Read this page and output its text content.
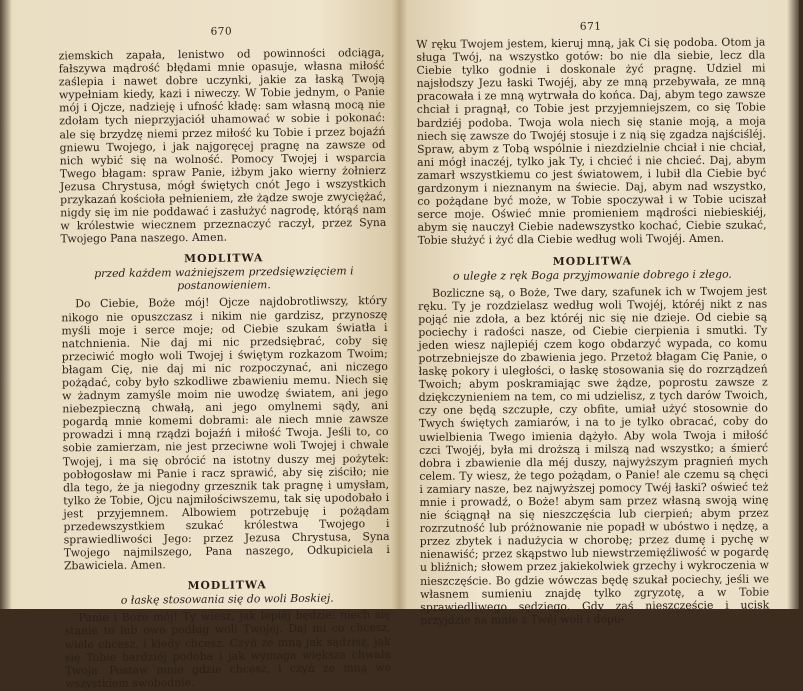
670

ziemskich zapała, lenistwo od powinności odciąga, fałszywa mądrość błędami mnie opasuje, własna miłość zaślepia i nawet dobre uczynki, jakie za łaską Twoją wypełniam kiedy, kazi i niweczy. W Tobie jednym, o Panie mój i Ojcze, nadzieję i ufność kładę: sam własną mocą nie zdołam tych nieprzyjaciół uhamować w sobie i pokonać: ale się brzydzę niemi przez miłość ku Tobie i przez bojaźń gniewu Twojego, i jak najgoręcej pragnę na zawsze od nich wybić się na wolność. Pomocy Twojej i wsparcia Twego błagam: spraw Panie, iżbym jako wierny żołnierz Jezusa Chrystusa, mógł świętych cnót Jego i wszystkich przykazań kościoła pełnieniem, złe żądze swoje zwyciężać, nigdy się im nie poddawać i zasłużyć nagrodę, którąś nam w królestwie wiecznem przeznaczyć raczył, przez Syna Twojego Pana naszego. Amen.

MODLITWA
przed każdem ważniejszem przedsięwzięciem i postanowieniem.

Do Ciebie, Boże mój! Ojcze najdobrotliwszy, który nikogo nie opuszczasz i nikim nie gardzisz, przynoszę myśli moje i serce moje; od Ciebie szukam światła i natchnienia. Nie daj mi nic przedsiębrać, coby się przeciwić mogło woli Twojej i świętym rozkazom Twoim; błagam Cię, nie daj mi nic rozpoczynać, ani niczego pożądać, coby było szkodliwe zbawieniu memu. Niech się w żadnym zamyśle moim nie uwodzę światem, ani jego niebezpieczną chwałą, ani jego omylnemi sądy, ani pogardą mnie komemi dobrami: ale niech mnie zawsze prowadzi i mną rządzi bojaźń i miłość Twoja. Jeśli to, co sobie zamierzam, nie jest przeciwne woli Twojej i chwale Twojej, i ma się obrócić na istotny duszy mej pożytek: pobłogosław mi Panie i racz sprawić, aby się ziściło; nie dla tego, że ja niegodny grzesznik tak pragnę i umysłam, tylko że Tobie, Ojcu najmiłościwszemu, tak się upodobało i jest przyjemnem. Albowiem potrzebuję i pożądam przedewszystkiem szukać królestwa Twojego i sprawiedliwości Jego: przez Jezusa Chrystusa, Syna Twojego najmilszego, Pana naszego, Odkupiciela i Zbawiciela. Amen.

MODLITWA
o łaskę stosowania się do woli Boskiej.

Panie i Boże mój! Ty wiesz, jak lepiéj będzie: niech się stanie to lub owo podług woli Twojéj. Daj mi co chcesz, wiele chcesz, i kiedy chcesz. Czyń ze mną jak sądzisz, jak się Tobie bardziéj podoba i jak wymaga większa chwała Twoja. Postaw mnie gdzie chcesz, i czyń ze mną we wszystkiem swobodnie.

671

W ręku Twojem jestem, kieruj mną, jak Ci się podoba. Otom ja sługa Twój, na wszystko gotów: bo nie dla siebie, lecz dla Ciebie tylko godnie i doskonale żyć pragnę. Udziel mi najsłodszy Jezu łaski Twojéj, aby ze mną przebywała, ze mną pracowała i ze mną wytrwała do końca. Daj, abym tego zawsze chciał i pragnął, co Tobie jest przyjemniejszem, co się Tobie bardziéj podoba. Twoja wola niech się stanie moją, a moja niech się zawsze do Twojéj stosuje i z nią się zgadza najściśléj. Spraw, abym z Tobą wspólnie i niezdzielnie chciał i nie chciał, ani mógł inaczéj, tylko jak Ty, i chcieć i nie chcieć. Daj, abym zamarł wszystkiemu co jest światowem, i lubił dla Ciebie być gardzonym i nieznanym na świecie. Daj, abym nad wszystko, co pożądane być może, w Tobie spoczywał i w Tobie uciszał serce moje. Oświeć mnie promieniem mądrości niebieskiéj, abym się nauczył Ciebie nadewszystko kochać, Ciebie szukać, Tobie służyć i żyć dla Ciebie według woli Twojéj. Amen.

MODLITWA
o uległe z ręk Boga przyjmowanie dobrego i złego.

Bozliczne są, o Boże, Twe dary, szafunek ich w Twojem jest ręku. Ty je rozdzielasz według woli Twojéj, któréj nikt z nas pojąć nie zdoła, a bez któréj nic się nie dzieje. Od ciebie są pociechy i radości nasze, od Ciebie cierpienia i smutki. Ty jeden wiesz najlepiéj czem kogo obdarzyć wypada, co komu potrzebniejsze do zbawienia jego. Przetoż błagam Cię Panie, o łaskę pokory i uległości, o łaskę stosowania się do rozrządzeń Twoich; abym poskramiając swe żądze, poprostu zawsze z dziękczynieniem na tem, co mi udzielisz, z tych darów Twoich, czy one będą szczupłe, czy obfite, umiał użyć stosownie do Twych świętych zamiarów, i na to je tylko obracać, coby do uwielbienia Twego imienia dążyło. Aby wola Twoja i miłość czci Twojéj, była mi droższą i milszą nad wszystko; a śmierć dobra i zbawienie dla méj duszy, najwyższym pragnień mych celem. Ty wiesz, że tego pożądam, o Panie! ale czemu są chęci i zamiary nasze, bez najwyższej pomocy Twéj łaski? oświeć też mnie i prowadź, o Boże! abym sam przez własną swoją winę nie ściągnął na się nieszczęścia lub cierpień; abym przez rozrzutność lub próżnowanie nie popadł w ubóstwo i nędzę, a przez zbytek i nadużycia w chorobę; przez dumę i pychę w nienawiść; przez skąpstwo lub niewstrzemięźliwość w pogardę u bliźnich; słowem przez jakiekolwiek grzechy i wykroczenia w nieszczęście. Bo gdzie wówczas będę szukał pociechy, jeśli we własnem sumieniu znajdę tylko zgryzotę, a w Tobie sprawiedliwego sędziego. Gdy zaś nieszczęście i ucisk przyjdzie na mnie z Twéj woli i dopu-
